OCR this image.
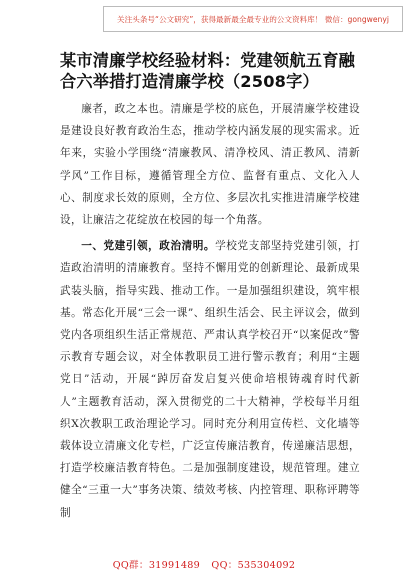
关注头条号“公文研究”，获得最新最全最专业的公文资料库！ 微信：gongwenyj
某市清廉学校经验材料：党建领航五育融
合六举措打造清廉学校（2508字）

廉者，政之本也。清廉是学校的底色，开展清廉学校建设是建设良好教育政治生态，推动学校内涵发展的现实需求。近年来，实验小学围绕“清廉教风、清净校风、清正教风、清新学风”工作目标，遵循管理全方位、监督有重点、文化入人心、制度求长效的原则，全方位、多层次扎实推进清廉学校建设，让廉洁之花绽放在校园的每一个角落。

一、党建引领，政治清明。学校党支部坚持党建引领，打造政治清明的清廉教育。坚持不懈用党的创新理论、最新成果武装头脑，指导实践、推动工作。一是加强组织建设，筑牢根基。常态化开展“三会一课”、组织生活会、民主评议会，做到党内各项组织生活正常规范、严肃认真学校召开“以案促改”警示教育专题会议，对全体教职员工进行警示教育；利用“主题党日”活动，开展“踔厉奋发启复兴使命培根铸魂育时代新人”主题教育活动，深入贯彻党的二十大精神，学校每半月组织X次教职工政治理论学习。同时充分利用宣传栏、文化墙等载体设立清廉文化专栏，广泛宣传廉洁教育，传递廉洁思想，打造学校廉洁教育特色。二是加强制度建设，规范管理。建立健全“三重一大”事务决策、绩效考核、内控管理、职称评聘等制

QQ群：31991489 QQ：535304092
